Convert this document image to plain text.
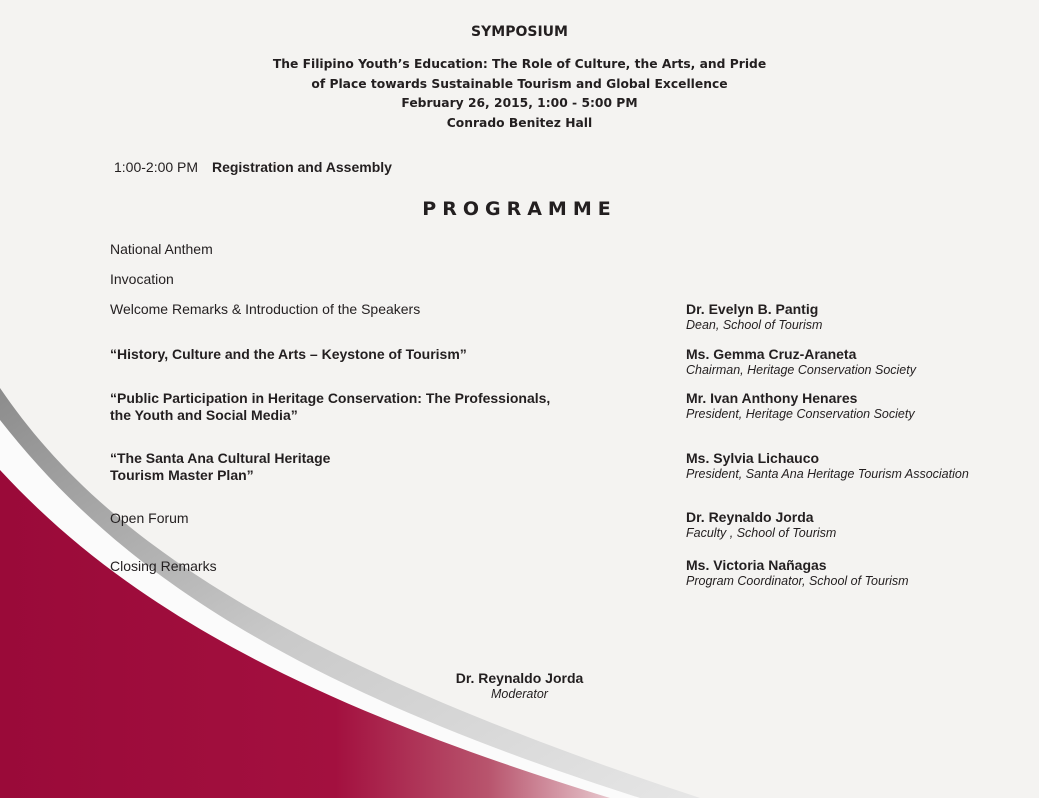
SYMPOSIUM
The Filipino Youth’s Education: The Role of Culture, the Arts, and Pride
of Place towards Sustainable Tourism and Global Excellence
February 26, 2015, 1:00 - 5:00 PM
Conrado Benitez Hall
1:00-2:00 PM Registration and Assembly
PROGRAMME
National Anthem
Invocation
Welcome Remarks & Introduction of the Speakers
“History, Culture and the Arts – Keystone of Tourism”
“Public Participation in Heritage Conservation: The Professionals,
the Youth and Social Media”
“The Santa Ana Cultural Heritage
Tourism Master Plan”
Open Forum
Closing Remarks
Dr. Evelyn B. Pantig
Dean, School of Tourism
Ms. Gemma Cruz-Araneta
Chairman, Heritage Conservation Society
Mr. Ivan Anthony Henares
President, Heritage Conservation Society
Ms. Sylvia Lichauco
President, Santa Ana Heritage Tourism Association
Dr. Reynaldo Jorda
Faculty , School of Tourism
Ms. Victoria Nañagas
Program Coordinator, School of Tourism
Dr. Reynaldo Jorda
Moderator
